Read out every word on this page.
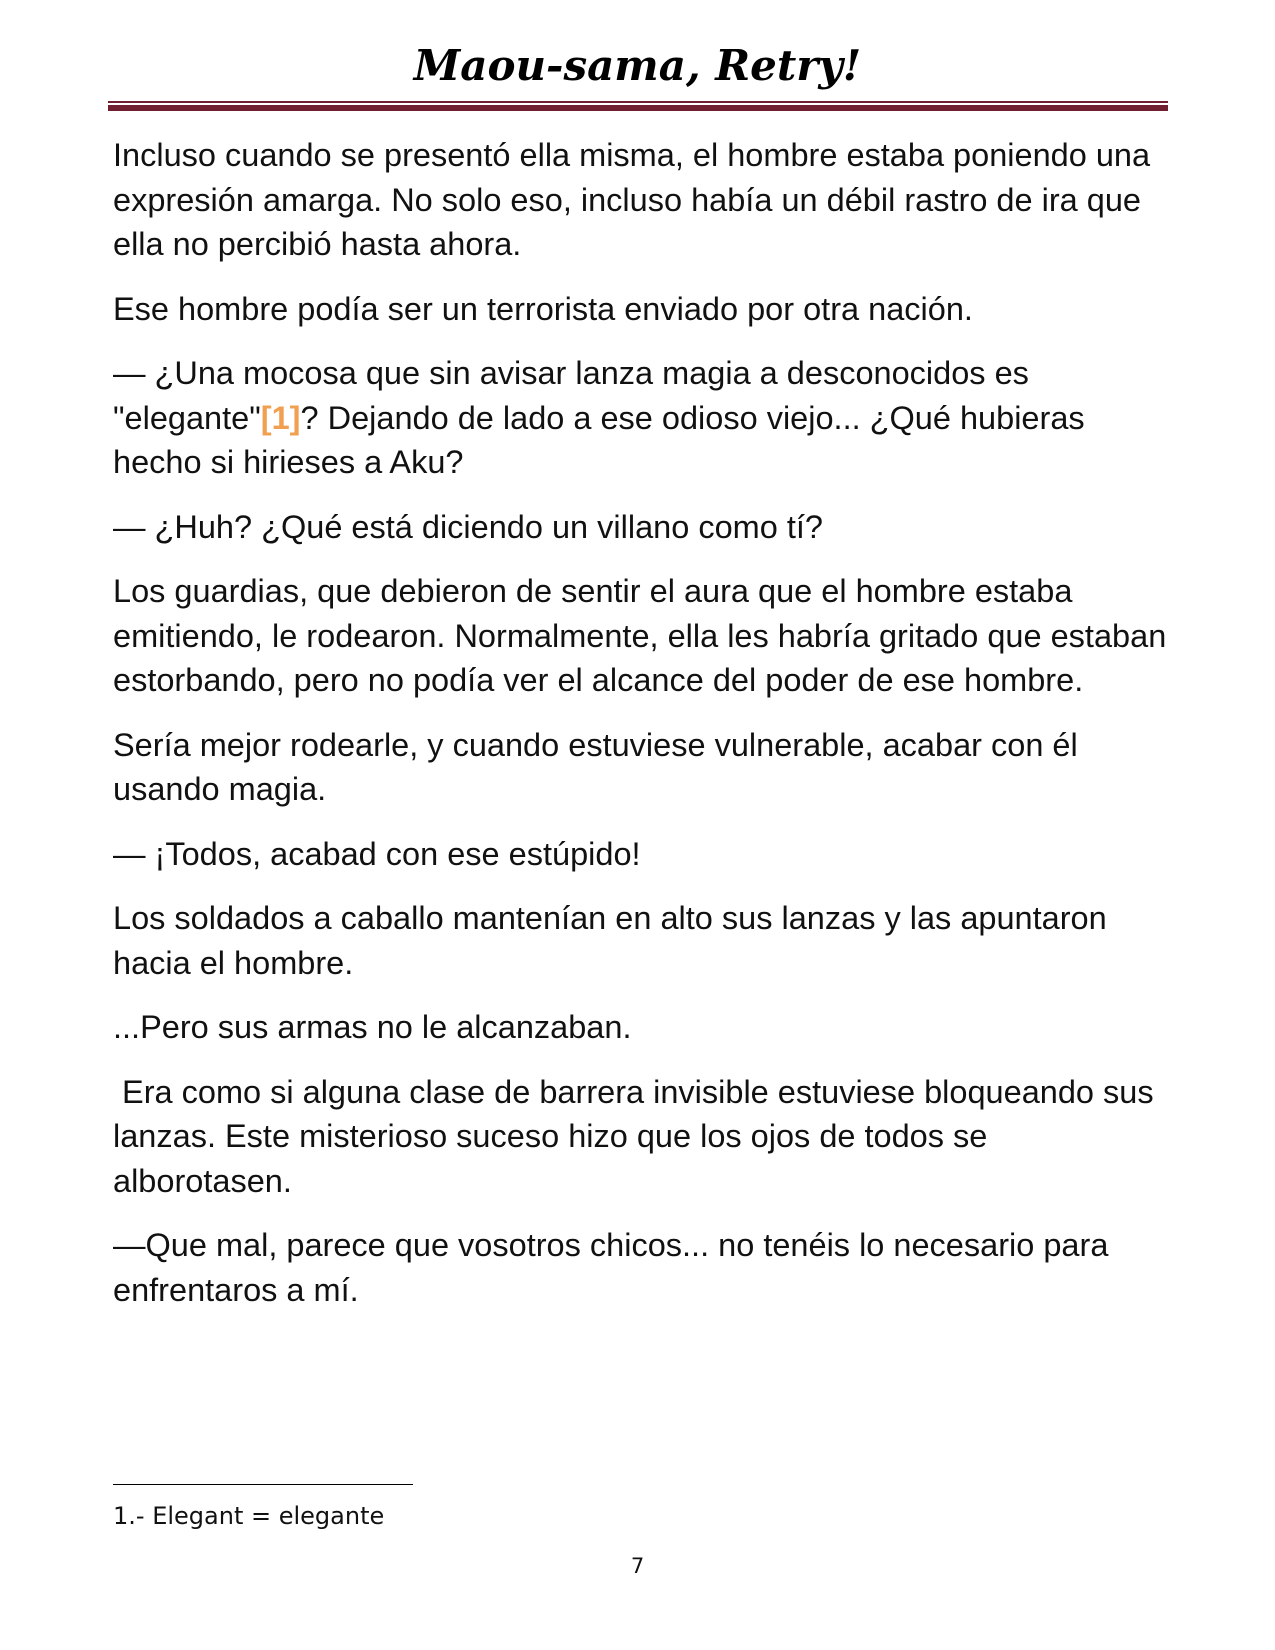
Maou-sama, Retry!

Incluso cuando se presentó ella misma, el hombre estaba poniendo una expresión amarga. No solo eso, incluso había un débil rastro de ira que ella no percibió hasta ahora.

Ese hombre podía ser un terrorista enviado por otra nación.

— ¿Una mocosa que sin avisar lanza magia a desconocidos es "elegante"[1]? Dejando de lado a ese odioso viejo... ¿Qué hubieras hecho si hirieses a Aku?

— ¿Huh? ¿Qué está diciendo un villano como tí?

Los guardias, que debieron de sentir el aura que el hombre estaba emitiendo, le rodearon. Normalmente, ella les habría gritado que estaban estorbando, pero no podía ver el alcance del poder de ese hombre.

Sería mejor rodearle, y cuando estuviese vulnerable, acabar con él usando magia.

— ¡Todos, acabad con ese estúpido!

Los soldados a caballo mantenían en alto sus lanzas y las apuntaron hacia el hombre.

...Pero sus armas no le alcanzaban.

Era como si alguna clase de barrera invisible estuviese bloqueando sus lanzas. Este misterioso suceso hizo que los ojos de todos se alborotasen.

—Que mal, parece que vosotros chicos... no tenéis lo necesario para enfrentaros a mí.

1.- Elegant = elegante
7
